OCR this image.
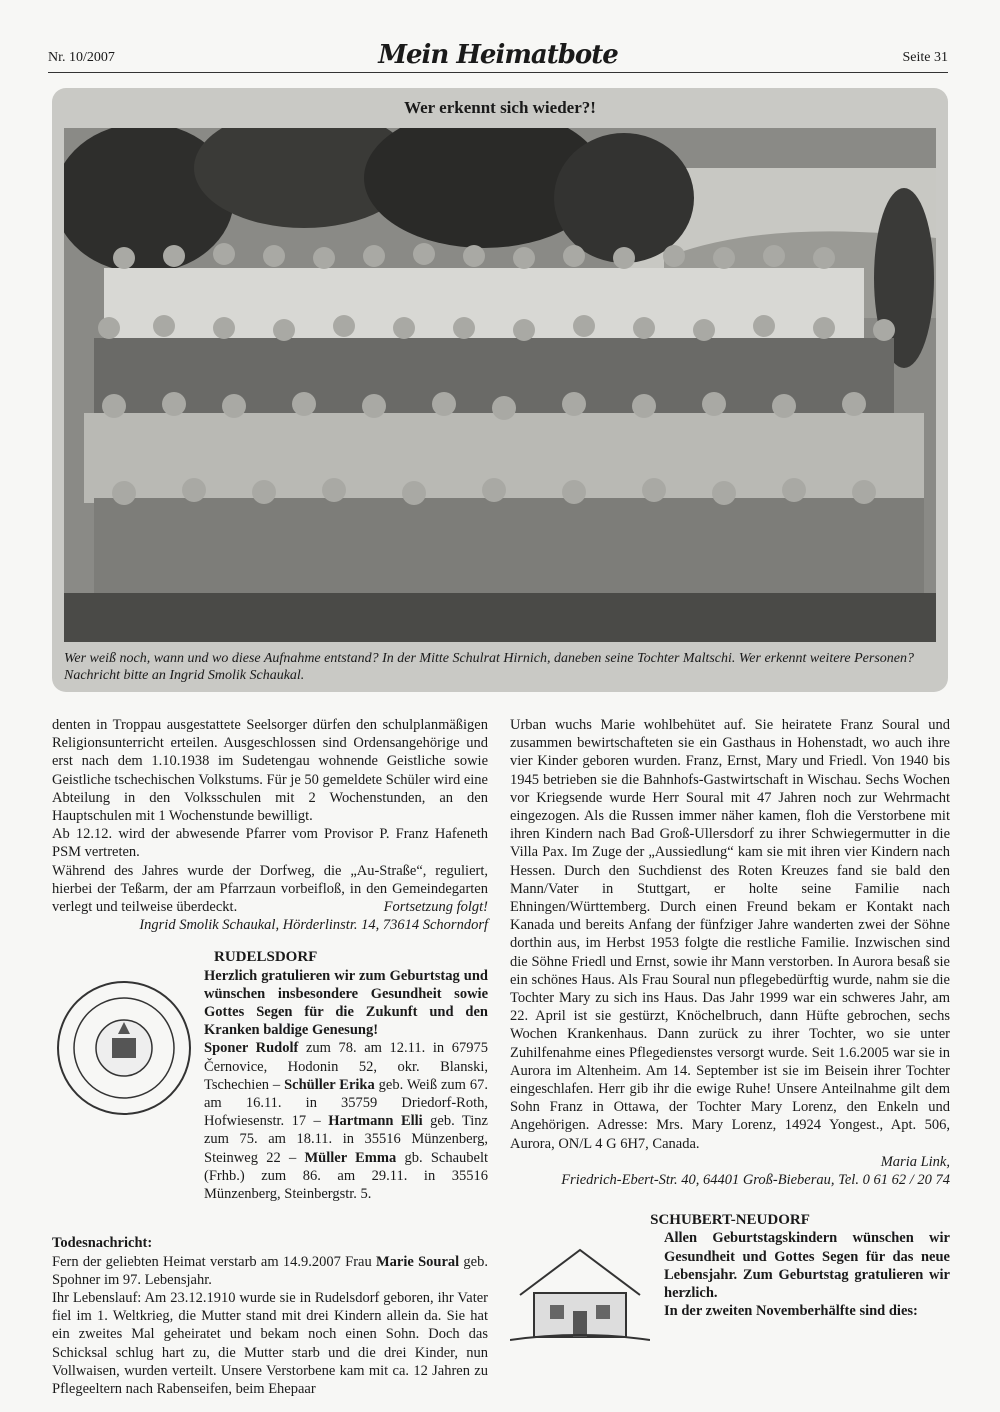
Nr. 10/2007	Mein Heimatbote	Seite 31
Wer erkennt sich wieder?!
Wer weiß noch, wann und wo diese Aufnahme entstand? In der Mitte Schulrat Hirnich, daneben seine Tochter Maltschi. Wer erkennt weitere Personen? Nachricht bitte an Ingrid Smolik Schaukal.

denten in Troppau ausgestattete Seelsorger dürfen den schulplanmäßigen Religionsunterricht erteilen. Ausgeschlossen sind Ordensangehörige und erst nach dem 1.10.1938 im Sudetengau wohnende Geistliche sowie Geistliche tschechischen Volkstums. Für je 50 gemeldete Schüler wird eine Abteilung in den Volksschulen mit 2 Wochenstunden, an den Hauptschulen mit 1 Wochenstunde bewilligt.

Ab 12.12. wird der abwesende Pfarrer vom Provisor P. Franz Hafeneth PSM vertreten.

Während des Jahres wurde der Dorfweg, die „Au-Straße“, reguliert, hierbei der Teßarm, der am Pfarrzaun vorbeifloß, in den Gemeindegarten verlegt und teilweise überdeckt.	Fortsetzung folgt!

Ingrid Smolik Schaukal, Hörderlinstr. 14, 73614 Schorndorf

RUDELSDORF

Herzlich gratulieren wir zum Geburtstag und wünschen insbesondere Gesundheit sowie Gottes Segen für die Zukunft und den Kranken baldige Genesung!

Sponer Rudolf zum 78. am 12.11. in 67975 Černovice, Hodonin 52, okr. Blanski, Tschechien – Schüller Erika geb. Weiß zum 67. am 16.11. in 35759 Driedorf-Roth, Hofwiesenstr. 17 – Hartmann Elli geb. Tinz zum 75. am 18.11. in 35516 Münzenberg, Steinweg 22 – Müller Emma gb. Schaubelt (Frhb.) zum 86. am 29.11. in 35516 Münzenberg, Steinbergstr. 5.

Todesnachricht:

Fern der geliebten Heimat verstarb am 14.9.2007 Frau Marie Soural geb. Spohner im 97. Lebensjahr.

Ihr Lebenslauf: Am 23.12.1910 wurde sie in Rudelsdorf geboren, ihr Vater fiel im 1. Weltkrieg, die Mutter stand mit drei Kindern allein da. Sie hat ein zweites Mal geheiratet und bekam noch einen Sohn. Doch das Schicksal schlug hart zu, die Mutter starb und die drei Kinder, nun Vollwaisen, wurden verteilt. Unsere Verstorbene kam mit ca. 12 Jahren zu Pflegeeltern nach Rabenseifen, beim Ehepaar

Urban wuchs Marie wohlbehütet auf. Sie heiratete Franz Soural und zusammen bewirtschafteten sie ein Gasthaus in Hohenstadt, wo auch ihre vier Kinder geboren wurden. Franz, Ernst, Mary und Friedl. Von 1940 bis 1945 betrieben sie die Bahnhofs-Gastwirtschaft in Wischau. Sechs Wochen vor Kriegsende wurde Herr Soural mit 47 Jahren noch zur Wehrmacht eingezogen. Als die Russen immer näher kamen, floh die Verstorbene mit ihren Kindern nach Bad Groß-Ullersdorf zu ihrer Schwiegermutter in die Villa Pax. Im Zuge der „Aussiedlung“ kam sie mit ihren vier Kindern nach Hessen. Durch den Suchdienst des Roten Kreuzes fand sie bald den Mann/Vater in Stuttgart, er holte seine Familie nach Ehningen/Württemberg. Durch einen Freund bekam er Kontakt nach Kanada und bereits Anfang der fünfziger Jahre wanderten zwei der Söhne dorthin aus, im Herbst 1953 folgte die restliche Familie. Inzwischen sind die Söhne Friedl und Ernst, sowie ihr Mann verstorben. In Aurora besaß sie ein schönes Haus. Als Frau Soural nun pflegebedürftig wurde, nahm sie die Tochter Mary zu sich ins Haus. Das Jahr 1999 war ein schweres Jahr, am 22. April ist sie gestürzt, Knöchelbruch, dann Hüfte gebrochen, sechs Wochen Krankenhaus. Dann zurück zu ihrer Tochter, wo sie unter Zuhilfenahme eines Pflegedienstes versorgt wurde. Seit 1.6.2005 war sie in Aurora im Altenheim. Am 14. September ist sie im Beisein ihrer Tochter eingeschlafen. Herr gib ihr die ewige Ruhe! Unsere Anteilnahme gilt dem Sohn Franz in Ottawa, der Tochter Mary Lorenz, den Enkeln und Angehörigen. Adresse: Mrs. Mary Lorenz, 14924 Yongest., Apt. 506, Aurora, ON/L 4 G 6H7, Canada.

Maria Link,

Friedrich-Ebert-Str. 40, 64401 Groß-Bieberau, Tel. 0 61 62 / 20 74

SCHUBERT-NEUDORF

Allen Geburtstagskindern wünschen wir Gesundheit und Gottes Segen für das neue Lebensjahr. Zum Geburtstag gratulieren wir herzlich.

In der zweiten Novemberhälfte sind dies:
